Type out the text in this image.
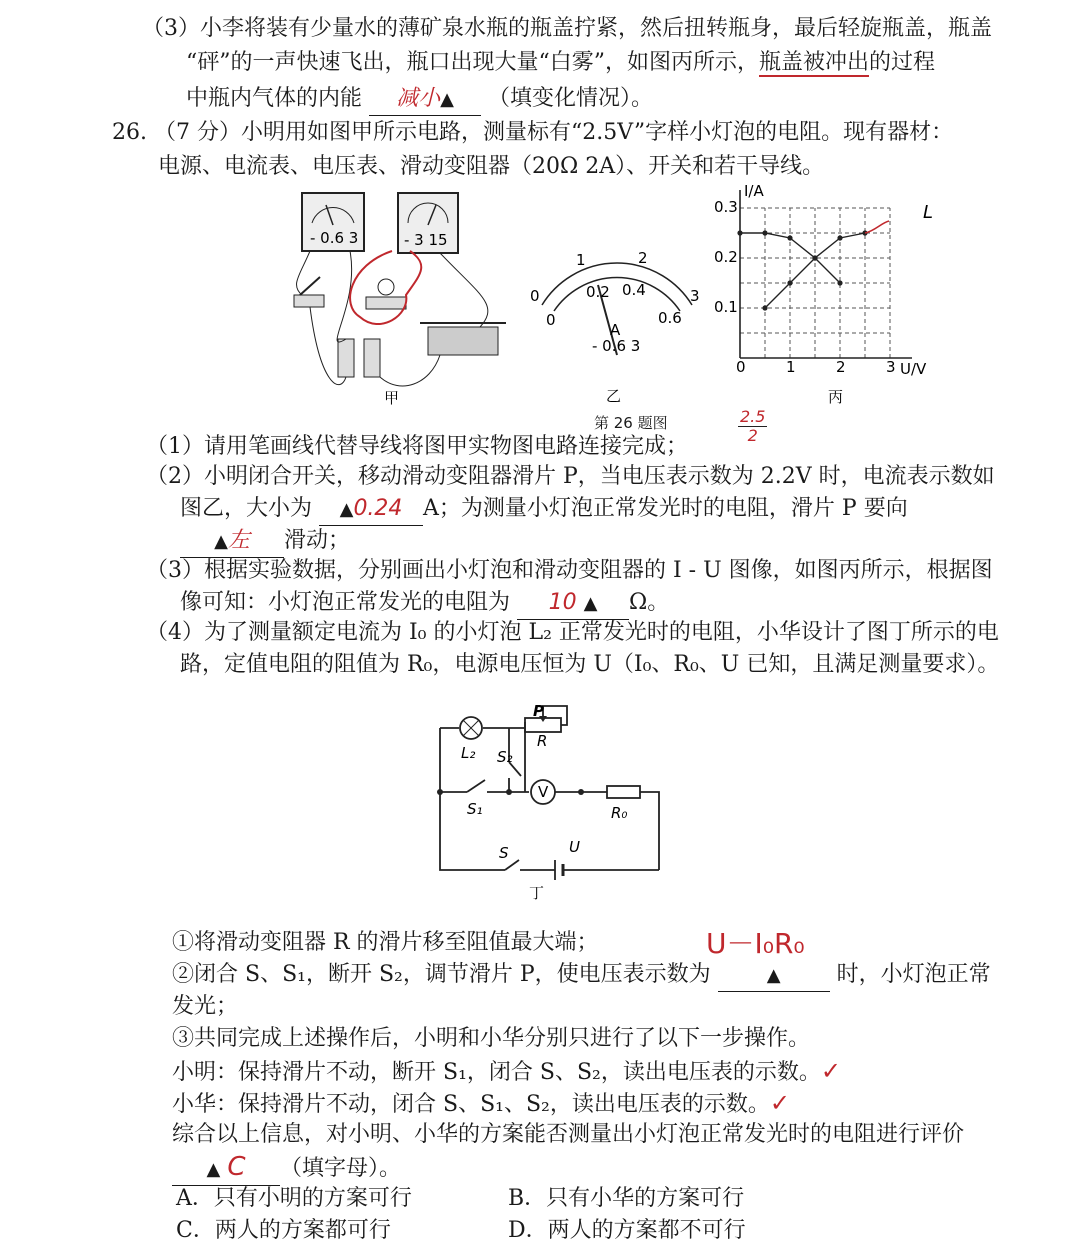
（3）小李将装有少量水的薄矿泉水瓶的瓶盖拧紧，然后扭转瓶身，最后轻旋瓶盖，瓶盖
“砰”的一声快速飞出，瓶口出现大量“白雾”，如图丙所示，瓶盖被冲出的过程
中瓶内气体的内能 减小▲ （填变化情况）。
26. （7 分）小明用如图甲所示电路，测量标有“2.5V”字样小灯泡的电阻。现有器材：
电源、电流表、电压表、滑动变阻器（20Ω 2A）、开关和若干导线。
- 0.6 3	- 3 15
甲
0
1	2
3
0
0.2 0.4
0.6
A
- 0.6 3
乙
0	1	2	3
0.1
0.2
0.3
I/A
U/V
L
丙
第 26 题图	2.5
2
（1）请用笔画线代替导线将图甲实物图电路连接完成；
（2）小明闭合开关，移动滑动变阻器滑片 P，当电压表示数为 2.2V 时，电流表示数如
图乙，大小为 ▲0.24 A；为测量小灯泡正常发光时的电阻，滑片 P 要向
▲左 滑动；
（3）根据实验数据，分别画出小灯泡和滑动变阻器的 I - U 图像，如图丙所示，根据图
像可知：小灯泡正常发光的电阻为 10 ▲ Ω。
（4）为了测量额定电流为 I₀ 的小灯泡 L₂ 正常发光时的电阻，小华设计了图丁所示的电
路，定值电阻的阻值为 R₀，电源电压恒为 U（I₀、R₀、U 已知，且满足测量要求）。
L₂ S₂
P
R
S₁
V
R₀
S	U
丁
①将滑动变阻器 R 的滑片移至阻值最大端；	U－I₀R₀
②闭合 S、S₁，断开 S₂，调节滑片 P，使电压表示数为	▲	时，小灯泡正常
发光；
③共同完成上述操作后，小明和小华分别只进行了以下一步操作。
小明：保持滑片不动，断开 S₁，闭合 S、S₂，读出电压表的示数。✓
小华：保持滑片不动，闭合 S、S₁、S₂，读出电压表的示数。✓
综合以上信息，对小明、小华的方案能否测量出小灯泡正常发光时的电阻进行评价
▲ C （填字母）。
A．只有小明的方案可行	B．只有小华的方案可行
C．两人的方案都可行	D．两人的方案都不可行
